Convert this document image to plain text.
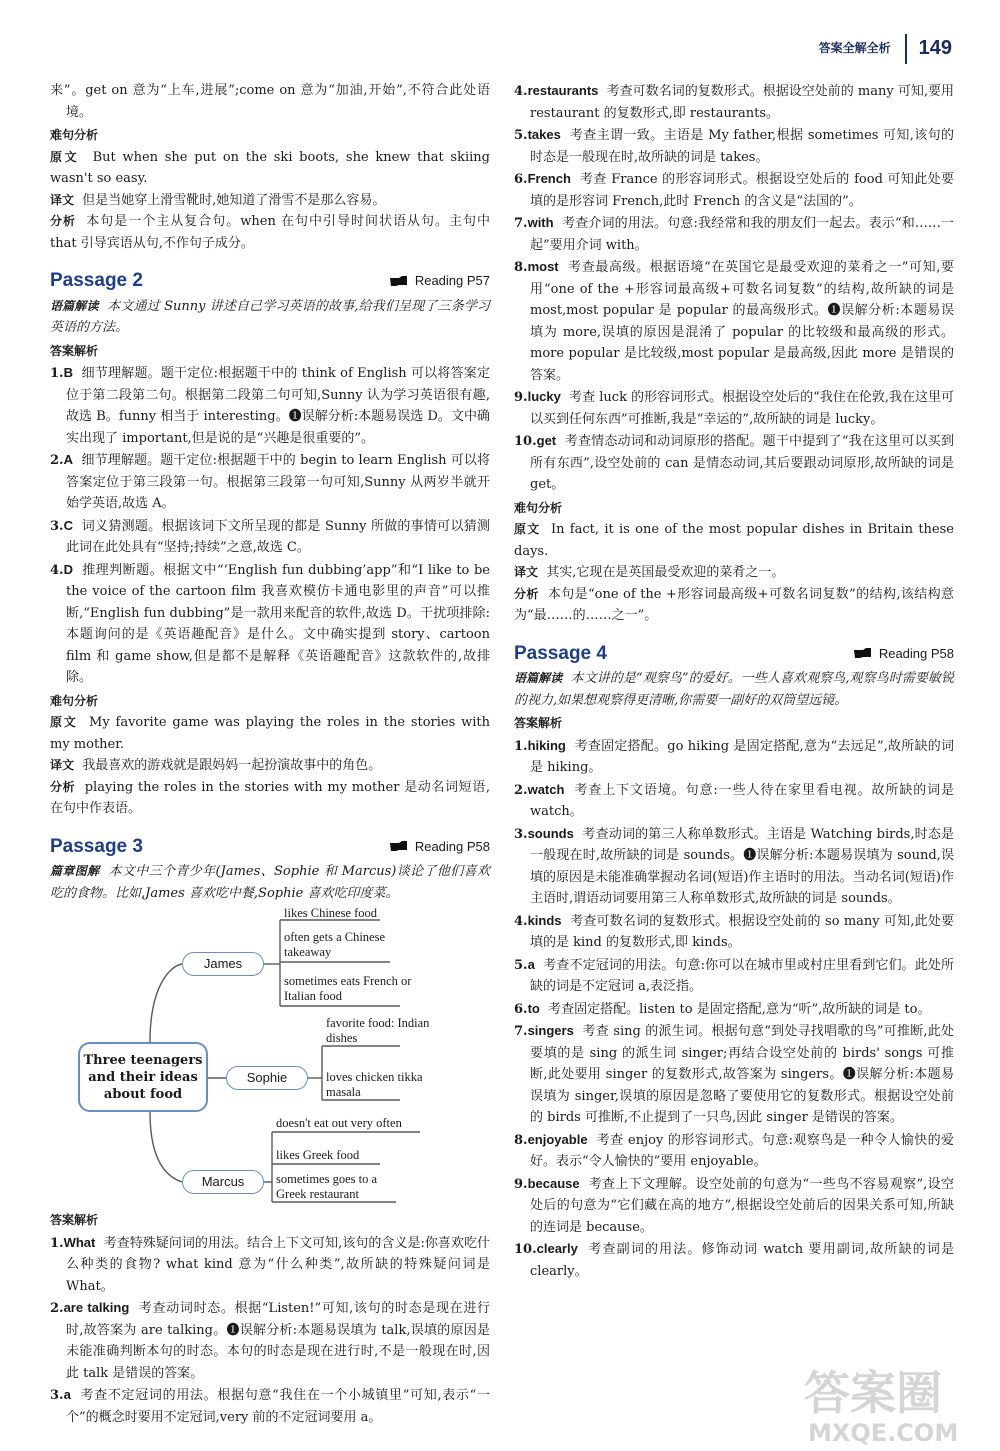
答案全解全析 149

来”。get on 意为“上车,进展”;come on 意为“加油,开始”,不符合此处语境。

难句分析

原文 But when she put on the ski boots, she knew that skiing wasn't so easy.

译文 但是当她穿上滑雪靴时,她知道了滑雪不是那么容易。

分析 本句是一个主从复合句。when 在句中引导时间状语从句。主句中 that 引导宾语从句,不作句子成分。

Passage 2	Reading P57

语篇解读 本文通过 Sunny 讲述自己学习英语的故事,给我们呈现了三条学习英语的方法。

答案解析

1.B 细节理解题。题干定位:根据题干中的 think of English 可以将答案定位于第二段第二句。根据第二段第二句可知,Sunny 认为学习英语很有趣,故选 B。funny 相当于 interesting。❶误解分析:本题易误选 D。文中确实出现了 important,但是说的是“兴趣是很重要的”。

2.A 细节理解题。题干定位:根据题干中的 begin to learn English 可以将答案定位于第三段第一句。根据第三段第一句可知,Sunny 从两岁半就开始学英语,故选 A。

3.C 词义猜测题。根据该词下文所呈现的都是 Sunny 所做的事情可以猜测此词在此处具有“坚持;持续”之意,故选 C。

4.D 推理判断题。根据文中“‘English fun dubbing’app”和“I like to be the voice of the cartoon film 我喜欢模仿卡通电影里的声音”可以推断,“English fun dubbing”是一款用来配音的软件,故选 D。干扰项排除:本题询问的是《英语趣配音》是什么。文中确实提到 story、cartoon film 和 game show,但是都不是解释《英语趣配音》这款软件的,故排除。

难句分析

原文 My favorite game was playing the roles in the stories with my mother.

译文 我最喜欢的游戏就是跟妈妈一起扮演故事中的角色。

分析 playing the roles in the stories with my mother 是动名词短语,在句中作表语。

Passage 3	Reading P58

篇章图解 本文中三个青少年(James、Sophie 和 Marcus)谈论了他们喜欢吃的食物。比如,James 喜欢吃中餐,Sophie 喜欢吃印度菜。

Three teenagers and their ideas about food
James
Sophie
Marcus
likes Chinese food
often gets a Chinese takeaway
sometimes eats French or Italian food
favorite food: Indian dishes
loves chicken tikka masala
doesn't eat out very often
likes Greek food
sometimes goes to a Greek restaurant
答案解析

1.What 考查特殊疑问词的用法。结合上下文可知,该句的含义是:你喜欢吃什么种类的食物? what kind 意为“什么种类”,故所缺的特殊疑问词是 What。

2.are talking 考查动词时态。根据“Listen!”可知,该句的时态是现在进行时,故答案为 are talking。❶误解分析:本题易误填为 talk,误填的原因是未能准确判断本句的时态。本句的时态是现在进行时,不是一般现在时,因此 talk 是错误的答案。

3.a 考查不定冠词的用法。根据句意“我住在一个小城镇里”可知,表示“一个”的概念时要用不定冠词,very 前的不定冠词要用 a。

4.restaurants 考查可数名词的复数形式。根据设空处前的 many 可知,要用 restaurant 的复数形式,即 restaurants。

5.takes 考查主谓一致。主语是 My father,根据 sometimes 可知,该句的时态是一般现在时,故所缺的词是 takes。

6.French 考查 France 的形容词形式。根据设空处后的 food 可知此处要填的是形容词 French,此时 French 的含义是“法国的”。

7.with 考查介词的用法。句意:我经常和我的朋友们一起去。表示“和……一起”要用介词 with。

8.most 考查最高级。根据语境“在英国它是最受欢迎的菜肴之一”可知,要用“one of the +形容词最高级+可数名词复数”的结构,故所缺的词是 most,most popular 是 popular 的最高级形式。❶误解分析:本题易误填为 more,误填的原因是混淆了 popular 的比较级和最高级的形式。more popular 是比较级,most popular 是最高级,因此 more 是错误的答案。

9.lucky 考查 luck 的形容词形式。根据设空处后的“我住在伦敦,我在这里可以买到任何东西”可推断,我是“幸运的”,故所缺的词是 lucky。

10.get 考查情态动词和动词原形的搭配。题干中提到了“我在这里可以买到所有东西”,设空处前的 can 是情态动词,其后要跟动词原形,故所缺的词是 get。

难句分析

原文 In fact, it is one of the most popular dishes in Britain these days.

译文 其实,它现在是英国最受欢迎的菜肴之一。

分析 本句是“one of the +形容词最高级+可数名词复数”的结构,该结构意为“最……的……之一”。

Passage 4	Reading P58

语篇解读 本文讲的是“观察鸟”的爱好。一些人喜欢观察鸟,观察鸟时需要敏锐的视力,如果想观察得更清晰,你需要一副好的双筒望远镜。

答案解析

1.hiking 考查固定搭配。go hiking 是固定搭配,意为“去远足”,故所缺的词是 hiking。

2.watch 考查上下文语境。句意:一些人待在家里看电视。故所缺的词是 watch。

3.sounds 考查动词的第三人称单数形式。主语是 Watching birds,时态是一般现在时,故所缺的词是 sounds。❶误解分析:本题易误填为 sound,误填的原因是未能准确掌握动名词(短语)作主语时的用法。当动名词(短语)作主语时,谓语动词要用第三人称单数形式,故所缺的词是 sounds。

4.kinds 考查可数名词的复数形式。根据设空处前的 so many 可知,此处要填的是 kind 的复数形式,即 kinds。

5.a 考查不定冠词的用法。句意:你可以在城市里或村庄里看到它们。此处所缺的词是不定冠词 a,表泛指。

6.to 考查固定搭配。listen to 是固定搭配,意为“听”,故所缺的词是 to。

7.singers 考查 sing 的派生词。根据句意“到处寻找唱歌的鸟”可推断,此处要填的是 sing 的派生词 singer;再结合设空处前的 birds' songs 可推断,此处要用 singer 的复数形式,故答案为 singers。❶误解分析:本题易误填为 singer,误填的原因是忽略了要使用它的复数形式。根据设空处前的 birds 可推断,不止提到了一只鸟,因此 singer 是错误的答案。

8.enjoyable 考查 enjoy 的形容词形式。句意:观察鸟是一种令人愉快的爱好。表示“令人愉快的”要用 enjoyable。

9.because 考查上下文理解。设空处前的句意为“一些鸟不容易观察”,设空处后的句意为“它们藏在高的地方”,根据设空处前后的因果关系可知,所缺的连词是 because。

10.clearly 考查副词的用法。修饰动词 watch 要用副词,故所缺的词是 clearly。

答案圈
MXQE.COM
